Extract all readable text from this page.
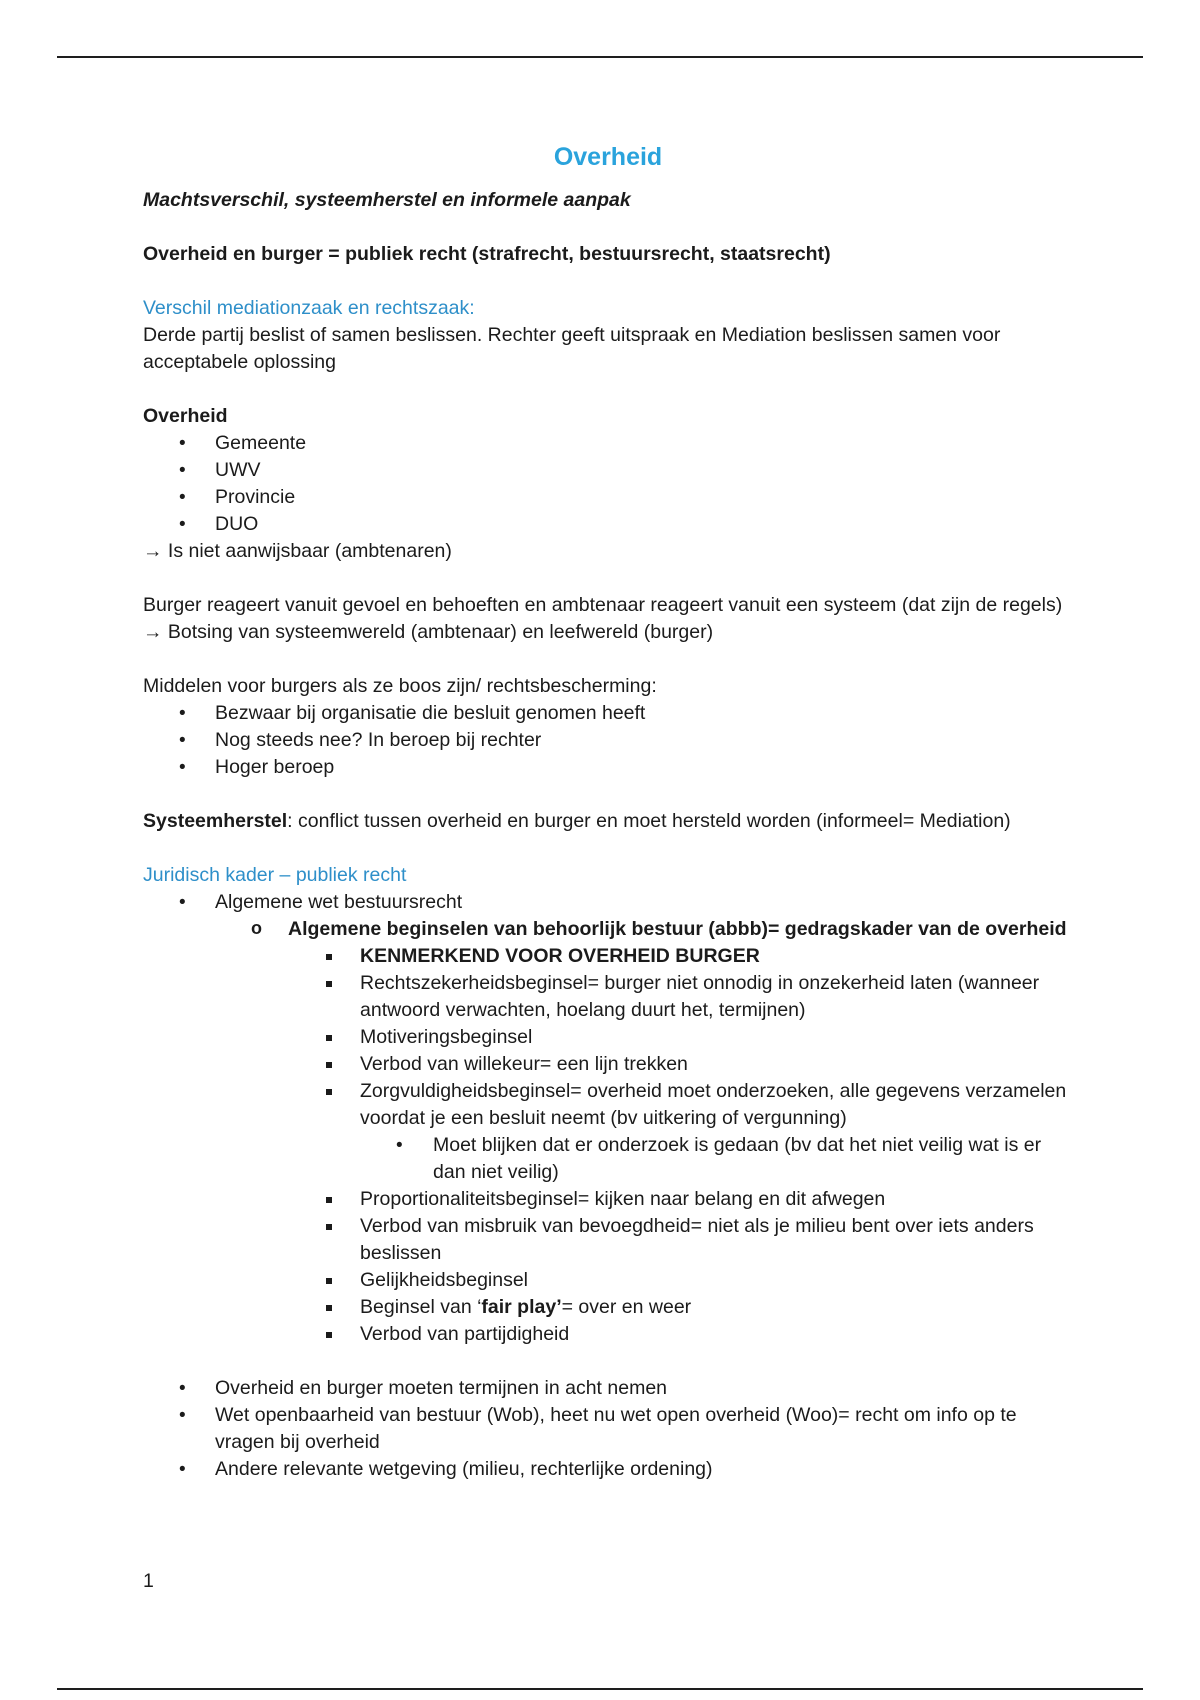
Overheid

Machtsverschil, systeemherstel en informele aanpak

Overheid en burger = publiek recht (strafrecht, bestuursrecht, staatsrecht)

Verschil mediationzaak en rechtszaak:

Derde partij beslist of samen beslissen. Rechter geeft uitspraak en Mediation beslissen samen voor acceptabele oplossing

Overheid

• Gemeente
• UWV
• Provincie
• DUO

→ Is niet aanwijsbaar (ambtenaren)

Burger reageert vanuit gevoel en behoeften en ambtenaar reageert vanuit een systeem (dat zijn de regels)

→ Botsing van systeemwereld (ambtenaar) en leefwereld (burger)

Middelen voor burgers als ze boos zijn/ rechtsbescherming:

• Bezwaar bij organisatie die besluit genomen heeft
• Nog steeds nee? In beroep bij rechter
• Hoger beroep

Systeemherstel: conflict tussen overheid en burger en moet hersteld worden (informeel= Mediation)

Juridisch kader – publiek recht

• Algemene wet bestuursrecht
o Algemene beginselen van behoorlijk bestuur (abbb)= gedragskader van de overheid
KENMERKEND VOOR OVERHEID BURGER
Rechtszekerheidsbeginsel= burger niet onnodig in onzekerheid laten (wanneer antwoord verwachten, hoelang duurt het, termijnen)
Motiveringsbeginsel
Verbod van willekeur= een lijn trekken
Zorgvuldigheidsbeginsel= overheid moet onderzoeken, alle gegevens verzamelen voordat je een besluit neemt (bv uitkering of vergunning)
• Moet blijken dat er onderzoek is gedaan (bv dat het niet veilig wat is er dan niet veilig)
Proportionaliteitsbeginsel= kijken naar belang en dit afwegen
Verbod van misbruik van bevoegdheid= niet als je milieu bent over iets anders beslissen
Gelijkheidsbeginsel
Beginsel van ‘fair play’= over en weer
Verbod van partijdigheid
• Overheid en burger moeten termijnen in acht nemen
• Wet openbaarheid van bestuur (Wob), heet nu wet open overheid (Woo)= recht om info op te vragen bij overheid
• Andere relevante wetgeving (milieu, rechterlijke ordening)
1
